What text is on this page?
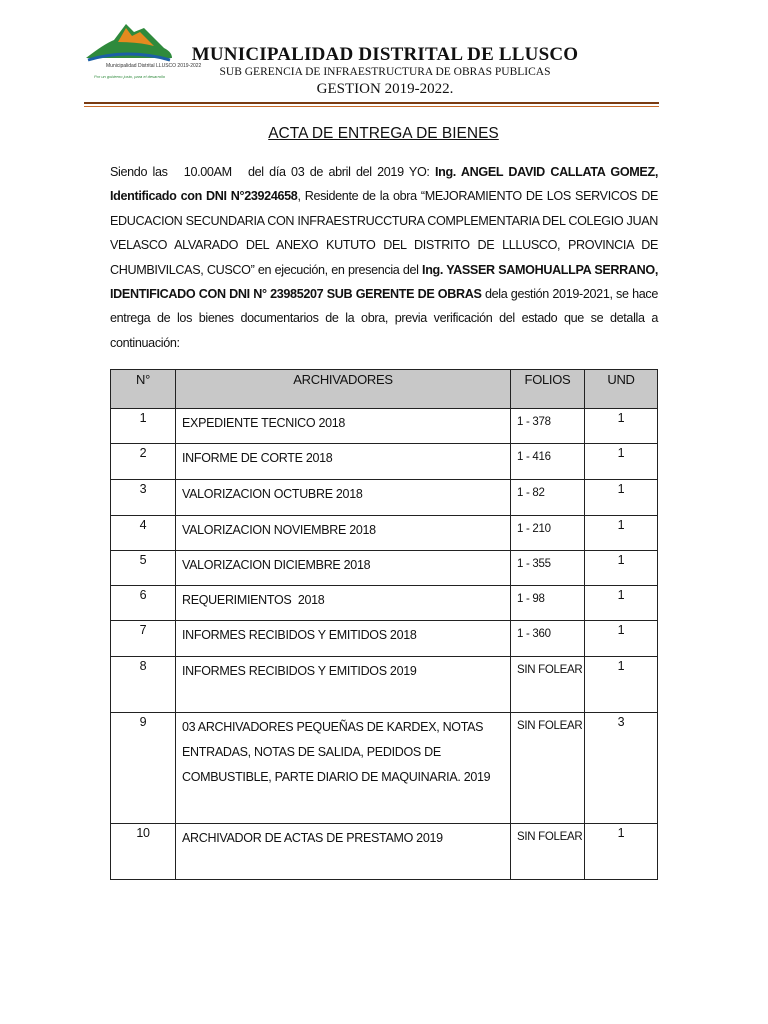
Municipalidad Distrital LLUSCO 2019-2022
Por un gobierno justo, para el desarrollo
MUNICIPALIDAD DISTRITAL DE LLUSCO
SUB GERENCIA DE INFRAESTRUCTURA DE OBRAS PUBLICAS
GESTION 2019-2022.
ACTA DE ENTREGA DE BIENES
Siendo las   10.00AM   del día 03 de abril del 2019 YO: Ing. ANGEL DAVID CALLATA GOMEZ, Identificado con DNI N°23924658, Residente de la obra “MEJORAMIENTO DE LOS SERVICOS DE EDUCACION SECUNDARIA CON INFRAESTRUCCTURA COMPLEMENTARIA DEL COLEGIO JUAN VELASCO ALVARADO DEL ANEXO KUTUTO DEL DISTRITO DE LLLUSCO, PROVINCIA DE CHUMBIVILCAS, CUSCO” en ejecución, en presencia del Ing. YASSER SAMOHUALLPA SERRANO, IDENTIFICADO CON DNI N° 23985207 SUB GERENTE DE OBRAS dela gestión 2019-2021, se hace entrega de los bienes documentarios de la obra, previa verificación del estado que se detalla a continuación:
N°	ARCHIVADORES	FOLIOS	UND
1	EXPEDIENTE TECNICO 2018	1 - 378	1
2	INFORME DE CORTE 2018	1 - 416	1
3	VALORIZACION OCTUBRE 2018	1 - 82	1
4	VALORIZACION NOVIEMBRE 2018	1 - 210	1
5	VALORIZACION DICIEMBRE 2018	1 - 355	1
6	REQUERIMIENTOS  2018	1 - 98	1
7	INFORMES RECIBIDOS Y EMITIDOS 2018	1 - 360	1
8	INFORMES RECIBIDOS Y EMITIDOS 2019	SIN FOLEAR	1
9	03 ARCHIVADORES PEQUEÑAS DE KARDEX, NOTAS ENTRADAS, NOTAS DE SALIDA, PEDIDOS DE COMBUSTIBLE, PARTE DIARIO DE MAQUINARIA. 2019	SIN FOLEAR	3
10	ARCHIVADOR DE ACTAS DE PRESTAMO 2019	SIN FOLEAR	1
